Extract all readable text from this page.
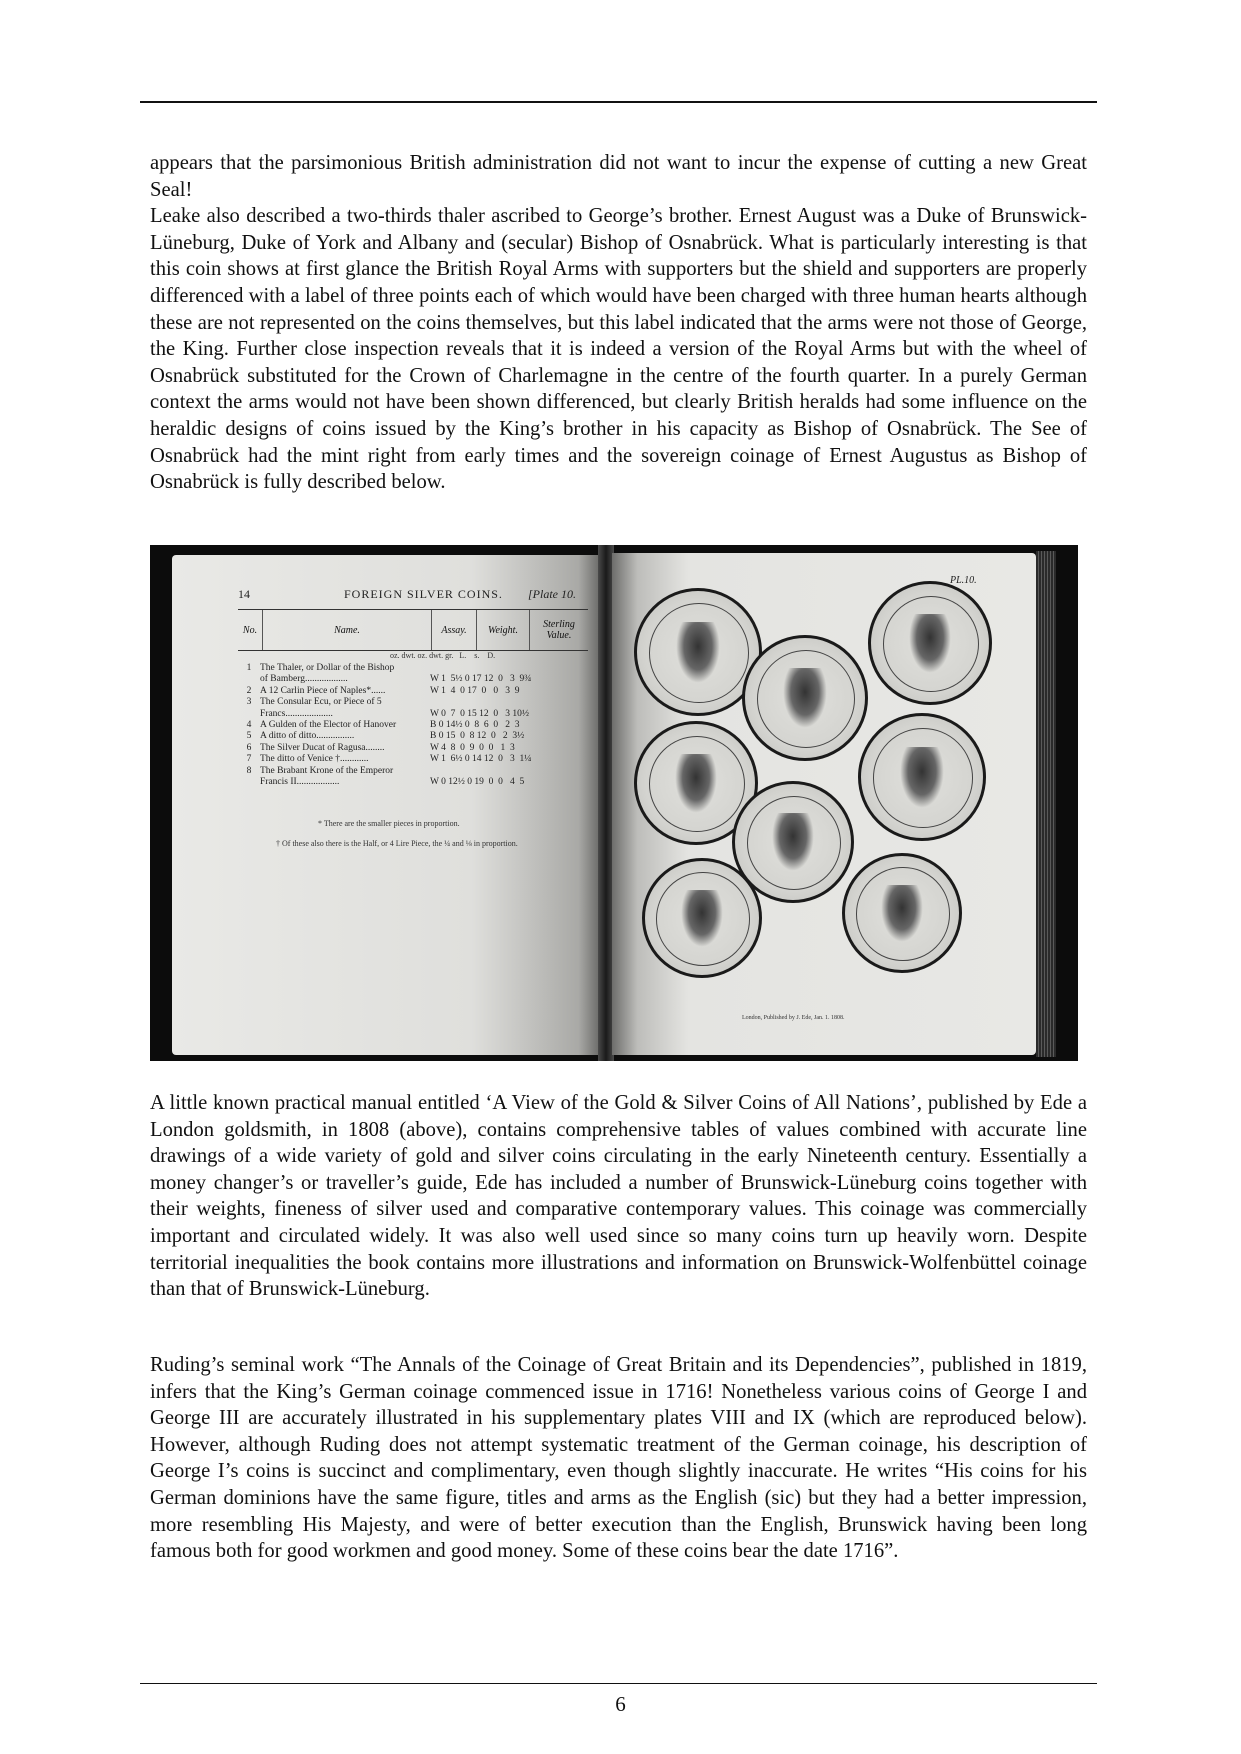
appears that the parsimonious British administration did not want to incur the expense of cutting a new Great Seal!

Leake also described a two-thirds thaler ascribed to George’s brother. Ernest August was a Duke of Brunswick-Lüneburg, Duke of York and Albany and (secular) Bishop of Osnabrück. What is particularly interesting is that this coin shows at first glance the British Royal Arms with supporters but the shield and supporters are properly differenced with a label of three points each of which would have been charged with three human hearts although these are not represented on the coins themselves, but this label indicated that the arms were not those of George, the King. Further close inspection reveals that it is indeed a version of the Royal Arms but with the wheel of Osnabrück substituted for the Crown of Charlemagne in the centre of the fourth quarter. In a purely German context the arms would not have been shown differenced, but clearly British heralds had some influence on the heraldic designs of coins issued by the King’s brother in his capacity as Bishop of Osnabrück. The See of Osnabrück had the mint right from early times and the sovereign coinage of Ernest Augustus as Bishop of Osnabrück is fully described below.

14	FOREIGN SILVER COINS. [Plate 10.
No.	Name.	Assay.	Weight.	Sterling Value.
oz. dwt. oz. dwt. gr.   L.    s.    D.
1 The Thaler, or Dollar of the Bishop
of Bamberg..................	W 1  5½ 0 17 12  0   3  9¾
2 A 12 Carlin Piece of Naples*......	W 1  4  0 17  0   0   3  9
3 The Consular Ecu, or Piece of 5
Francs....................	W 0  7  0 15 12  0   3 10½
4 A Gulden of the Elector of Hanover	B 0 14½ 0  8  6  0   2  3
5 A ditto of ditto................	B 0 15  0  8 12  0   2  3½
6 The Silver Ducat of Ragusa........	W 4  8  0  9  0  0   1  3
7 The ditto of Venice †............	W 1  6½ 0 14 12  0   3  1¼
8 The Brabant Krone of the Emperor
Francis II..................	W 0 12½ 0 19  0  0   4  5
* There are the smaller pieces in proportion.
† Of these also there is the Half, or 4 Lire Piece, the ¼ and ⅛ in proportion.
PL.10.
London, Published by J. Ede, Jan. 1. 1808.

A little known practical manual entitled ‘A View of the Gold & Silver Coins of All Nations’, published by Ede a London goldsmith, in 1808 (above), contains comprehensive tables of values combined with accurate line drawings of a wide variety of gold and silver coins circulating in the early Nineteenth century. Essentially a money changer’s or traveller’s guide, Ede has included a number of Brunswick-Lüneburg coins together with their weights, fineness of silver used and comparative contemporary values. This coinage was commercially important and circulated widely. It was also well used since so many coins turn up heavily worn. Despite territorial inequalities the book contains more illustrations and information on Brunswick-Wolfenbüttel coinage than that of Brunswick-Lüneburg.

Ruding’s seminal work “The Annals of the Coinage of Great Britain and its Dependencies”, published in 1819, infers that the King’s German coinage commenced issue in 1716! Nonetheless various coins of George I and George III are accurately illustrated in his supplementary plates VIII and IX (which are reproduced below). However, although Ruding does not attempt systematic treatment of the German coinage, his description of George I’s coins is succinct and complimentary, even though slightly inaccurate. He writes “His coins for his German dominions have the same figure, titles and arms as the English (sic) but they had a better impression, more resembling His Majesty, and were of better execution than the English, Brunswick having been long famous both for good workmen and good money. Some of these coins bear the date 1716”.

6
